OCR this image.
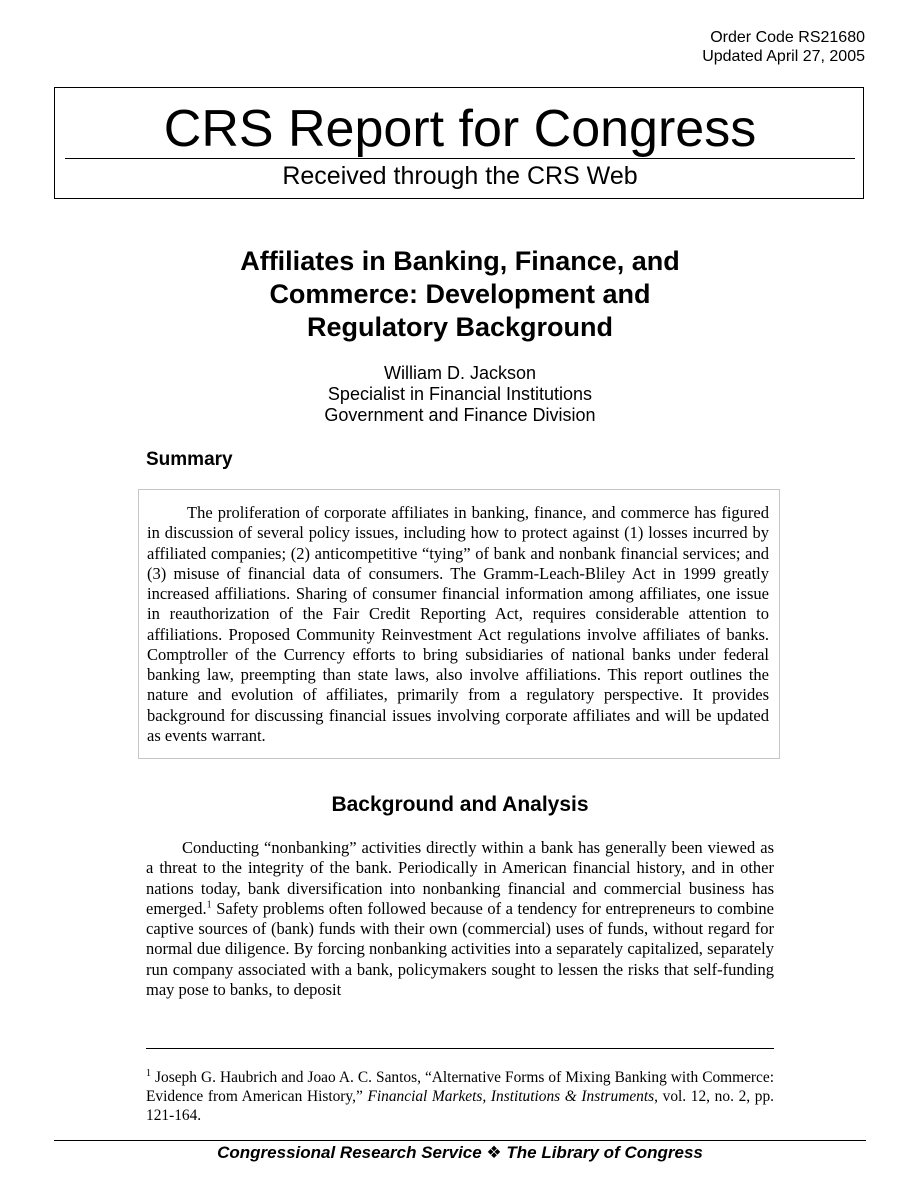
Order Code RS21680
Updated April 27, 2005
CRS Report for Congress
Received through the CRS Web
Affiliates in Banking, Finance, and
Commerce: Development and
Regulatory Background
William D. Jackson
Specialist in Financial Institutions
Government and Finance Division
Summary

The proliferation of corporate affiliates in banking, finance, and commerce has figured in discussion of several policy issues, including how to protect against (1) losses incurred by affiliated companies; (2) anticompetitive “tying” of bank and nonbank financial services; and (3) misuse of financial data of consumers. The Gramm-Leach-Bliley Act in 1999 greatly increased affiliations. Sharing of consumer financial information among affiliates, one issue in reauthorization of the Fair Credit Reporting Act, requires considerable attention to affiliations. Proposed Community Reinvestment Act regulations involve affiliates of banks. Comptroller of the Currency efforts to bring subsidiaries of national banks under federal banking law, preempting than state laws, also involve affiliations. This report outlines the nature and evolution of affiliates, primarily from a regulatory perspective. It provides background for discussing financial issues involving corporate affiliates and will be updated as events warrant.

Background and Analysis

Conducting “nonbanking” activities directly within a bank has generally been viewed as a threat to the integrity of the bank. Periodically in American financial history, and in other nations today, bank diversification into nonbanking financial and commercial business has emerged.$^1$ Safety problems often followed because of a tendency for entrepreneurs to combine captive sources of (bank) funds with their own (commercial) uses of funds, without regard for normal due diligence. By forcing nonbanking activities into a separately capitalized, separately run company associated with a bank, policymakers sought to lessen the risks that self-funding may pose to banks, to deposit

$^1$ Joseph G. Haubrich and Joao A. C. Santos, “Alternative Forms of Mixing Banking with Commerce: Evidence from American History,” Financial Markets, Institutions & Instruments, vol. 12, no. 2, pp. 121-164.

Congressional Research Service ❖ The Library of Congress
